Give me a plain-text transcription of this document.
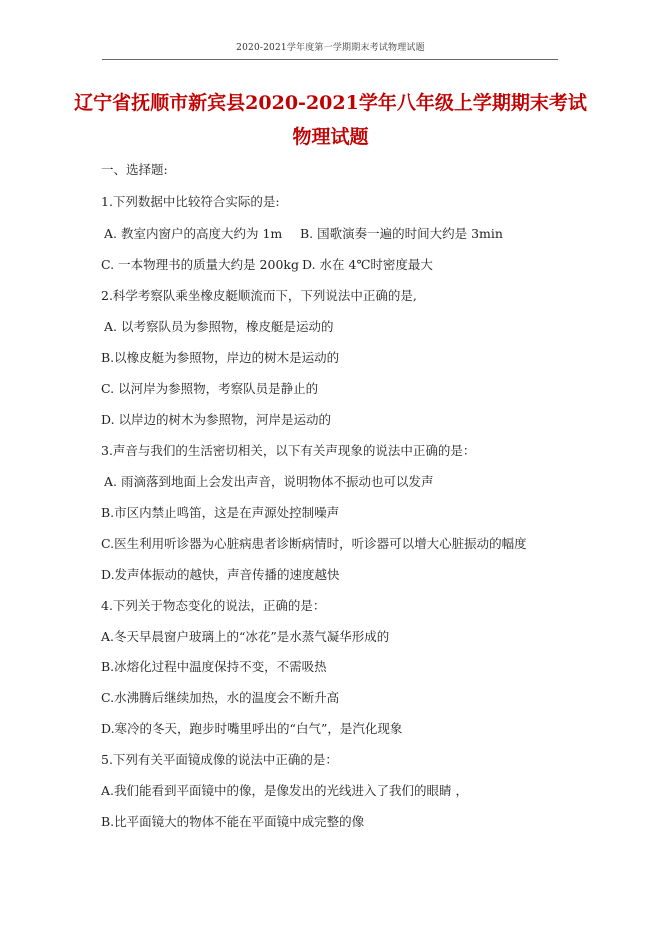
2020-2021学年度第一学期期末考试物理试题
辽宁省抚顺市新宾县2020-2021学年八年级上学期期末考试
物理试题
一、选择题:
1.下列数据中比较符合实际的是:
A. 教室内窗户的高度大约为 1m B. 国歌演奏一遍的时间大约是 3min
C. 一本物理书的质量大约是 200kg D. 水在 4℃时密度最大
2.科学考察队乘坐橡皮艇顺流而下，下列说法中正确的是,
A. 以考察队员为参照物，橡皮艇是运动的
B.以橡皮艇为参照物，岸边的树木是运动的
C. 以河岸为参照物，考察队员是静止的
D. 以岸边的树木为参照物，河岸是运动的
3.声音与我们的生活密切相关，以下有关声现象的说法中正确的是：
A. 雨滴落到地面上会发出声音，说明物体不振动也可以发声
B.市区内禁止鸣笛，这是在声源处控制噪声
C.医生利用听诊器为心脏病患者诊断病情时，听诊器可以增大心脏振动的幅度
D.发声体振动的越快，声音传播的速度越快
4.下列关于物态变化的说法，正确的是：
A.冬天早晨窗户玻璃上的“冰花”是水蒸气凝华形成的
B.冰熔化过程中温度保持不变，不需吸热
C.水沸腾后继续加热，水的温度会不断升高
D.寒冷的冬天，跑步时嘴里呼出的“白气”，是汽化现象
5.下列有关平面镜成像的说法中正确的是：
A.我们能看到平面镜中的像，是像发出的光线进入了我们的眼睛 ，
B.比平面镜大的物体不能在平面镜中成完整的像
